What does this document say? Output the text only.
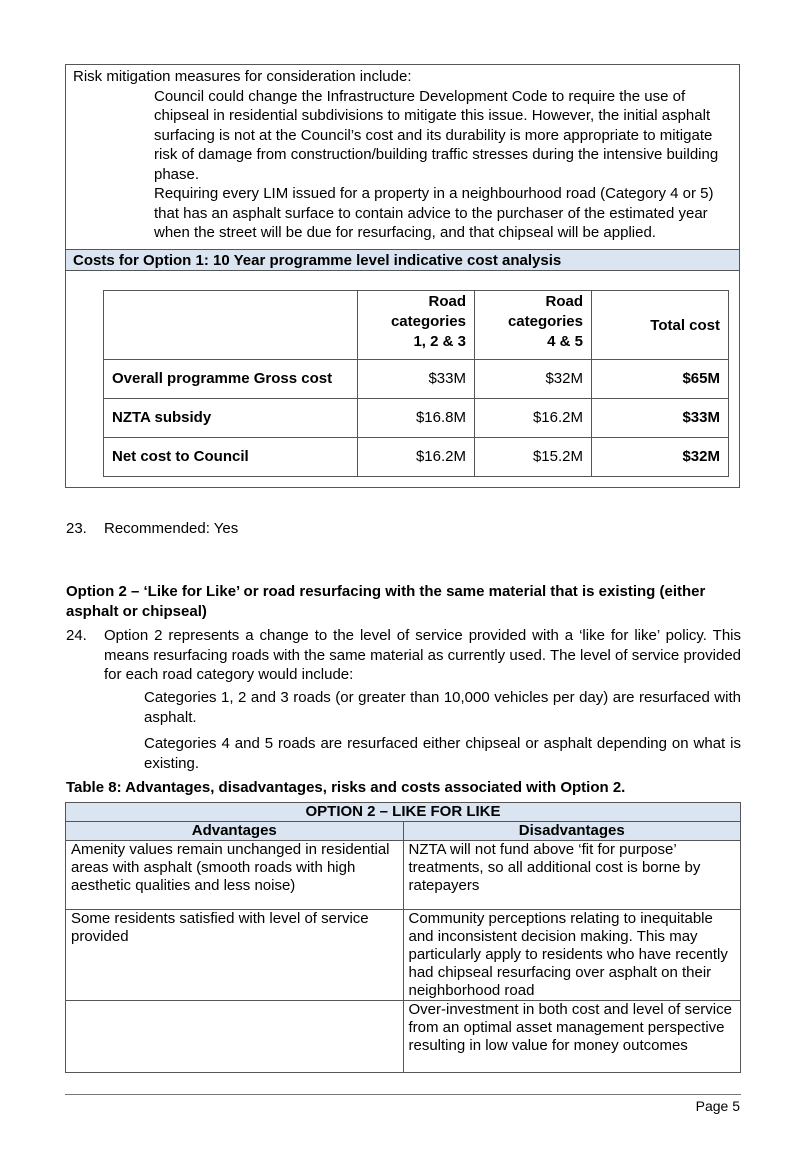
Risk mitigation measures for consideration include:
Council could change the Infrastructure Development Code to require the use of chipseal in residential subdivisions to mitigate this issue. However, the initial asphalt surfacing is not at the Council’s cost and its durability is more appropriate to mitigate risk of damage from construction/building traffic stresses during the intensive building phase.
Requiring every LIM issued for a property in a neighbourhood road (Category 4 or 5) that has an asphalt surface to contain advice to the purchaser of the estimated year when the street will be due for resurfacing, and that chipseal will be applied.
Costs for Option 1: 10 Year programme level indicative cost analysis

	Road categories 1, 2 & 3	Road categories 4 & 5	Total cost
Overall programme Gross cost	$33M	$32M	$65M
NZTA subsidy	$16.8M	$16.2M	$33M
Net cost to Council	$16.2M	$15.2M	$32M
23. Recommended: Yes
Option 2 – ‘Like for Like’ or road resurfacing with the same material that is existing (either asphalt or chipseal)
24. Option 2 represents a change to the level of service provided with a ‘like for like’ policy. This means resurfacing roads with the same material as currently used. The level of service provided for each road category would include:
Categories 1, 2 and 3 roads (or greater than 10,000 vehicles per day) are resurfaced with asphalt.
Categories 4 and 5 roads are resurfaced either chipseal or asphalt depending on what is existing.
Table 8: Advantages, disadvantages, risks and costs associated with Option 2.
OPTION 2 – LIKE FOR LIKE	
Advantages	Disadvantages
Amenity values remain unchanged in residential areas with asphalt (smooth roads with high aesthetic qualities and less noise)	NZTA will not fund above ‘fit for purpose’ treatments, so all additional cost is borne by ratepayers
Some residents satisfied with level of service provided	Community perceptions relating to inequitable and inconsistent decision making. This may particularly apply to residents who have recently had chipseal resurfacing over asphalt on their neighborhood road
	Over-investment in both cost and level of service from an optimal asset management perspective resulting in low value for money outcomes
Page 5
